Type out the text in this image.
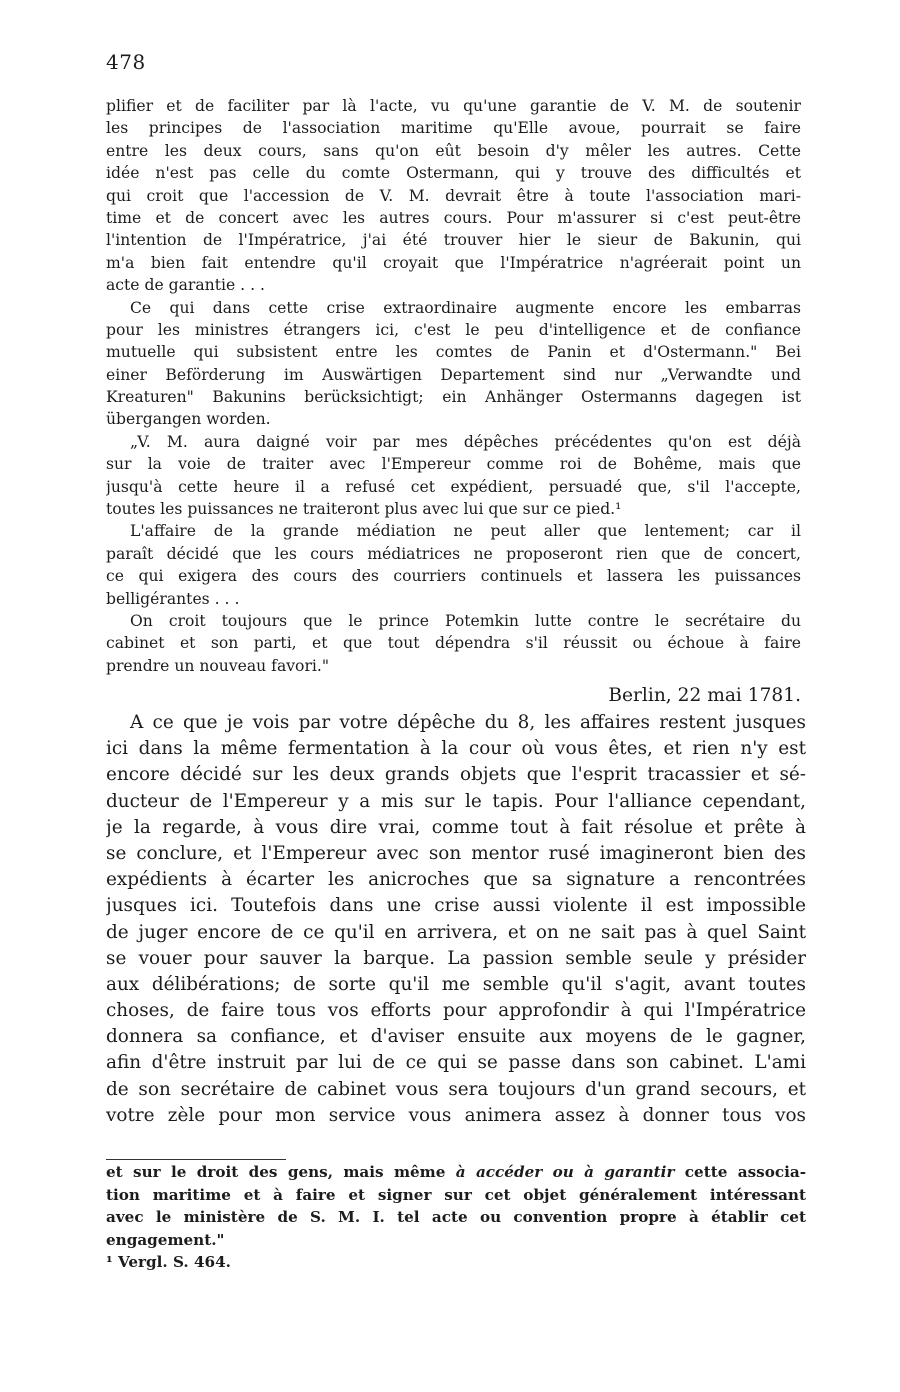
478
plifier et de faciliter par là l'acte, vu qu'une garantie de V. M. de soutenir
les principes de l'association maritime qu'Elle avoue, pourrait se faire
entre les deux cours, sans qu'on eût besoin d'y mêler les autres. Cette
idée n'est pas celle du comte Ostermann, qui y trouve des difficultés et
qui croit que l'accession de V. M. devrait être à toute l'association mari-
time et de concert avec les autres cours. Pour m'assurer si c'est peut-être
l'intention de l'Impératrice, j'ai été trouver hier le sieur de Bakunin, qui
m'a bien fait entendre qu'il croyait que l'Impératrice n'agréerait point un
acte de garantie . . .
Ce qui dans cette crise extraordinaire augmente encore les embarras
pour les ministres étrangers ici, c'est le peu d'intelligence et de confiance
mutuelle qui subsistent entre les comtes de Panin et d'Ostermann." Bei
einer Beförderung im Auswärtigen Departement sind nur „Verwandte und
Kreaturen" Bakunins berücksichtigt; ein Anhänger Ostermanns dagegen ist
übergangen worden.
„V. M. aura daigné voir par mes dépêches précédentes qu'on est déjà
sur la voie de traiter avec l'Empereur comme roi de Bohême, mais que
jusqu'à cette heure il a refusé cet expédient, persuadé que, s'il l'accepte,
toutes les puissances ne traiteront plus avec lui que sur ce pied.¹
L'affaire de la grande médiation ne peut aller que lentement; car il
paraît décidé que les cours médiatrices ne proposeront rien que de concert,
ce qui exigera des cours des courriers continuels et lassera les puissances
belligérantes . . .
On croit toujours que le prince Potemkin lutte contre le secrétaire du
cabinet et son parti, et que tout dépendra s'il réussit ou échoue à faire
prendre un nouveau favori."
Berlin, 22 mai 1781.
A ce que je vois par votre dépêche du 8, les affaires restent jusques
ici dans la même fermentation à la cour où vous êtes, et rien n'y est
encore décidé sur les deux grands objets que l'esprit tracassier et sé-
ducteur de l'Empereur y a mis sur le tapis. Pour l'alliance cependant,
je la regarde, à vous dire vrai, comme tout à fait résolue et prête à
se conclure, et l'Empereur avec son mentor rusé imagineront bien des
expédients à écarter les anicroches que sa signature a rencontrées
jusques ici. Toutefois dans une crise aussi violente il est impossible
de juger encore de ce qu'il en arrivera, et on ne sait pas à quel Saint
se vouer pour sauver la barque. La passion semble seule y présider
aux délibérations; de sorte qu'il me semble qu'il s'agit, avant toutes
choses, de faire tous vos efforts pour approfondir à qui l'Impératrice
donnera sa confiance, et d'aviser ensuite aux moyens de le gagner,
afin d'être instruit par lui de ce qui se passe dans son cabinet. L'ami
de son secrétaire de cabinet vous sera toujours d'un grand secours, et
votre zèle pour mon service vous animera assez à donner tous vos
et sur le droit des gens, mais même à accéder ou à garantir cette associa-
tion maritime et à faire et signer sur cet objet généralement intéressant
avec le ministère de S. M. I. tel acte ou convention propre à établir cet
engagement."
¹ Vergl. S. 464.
